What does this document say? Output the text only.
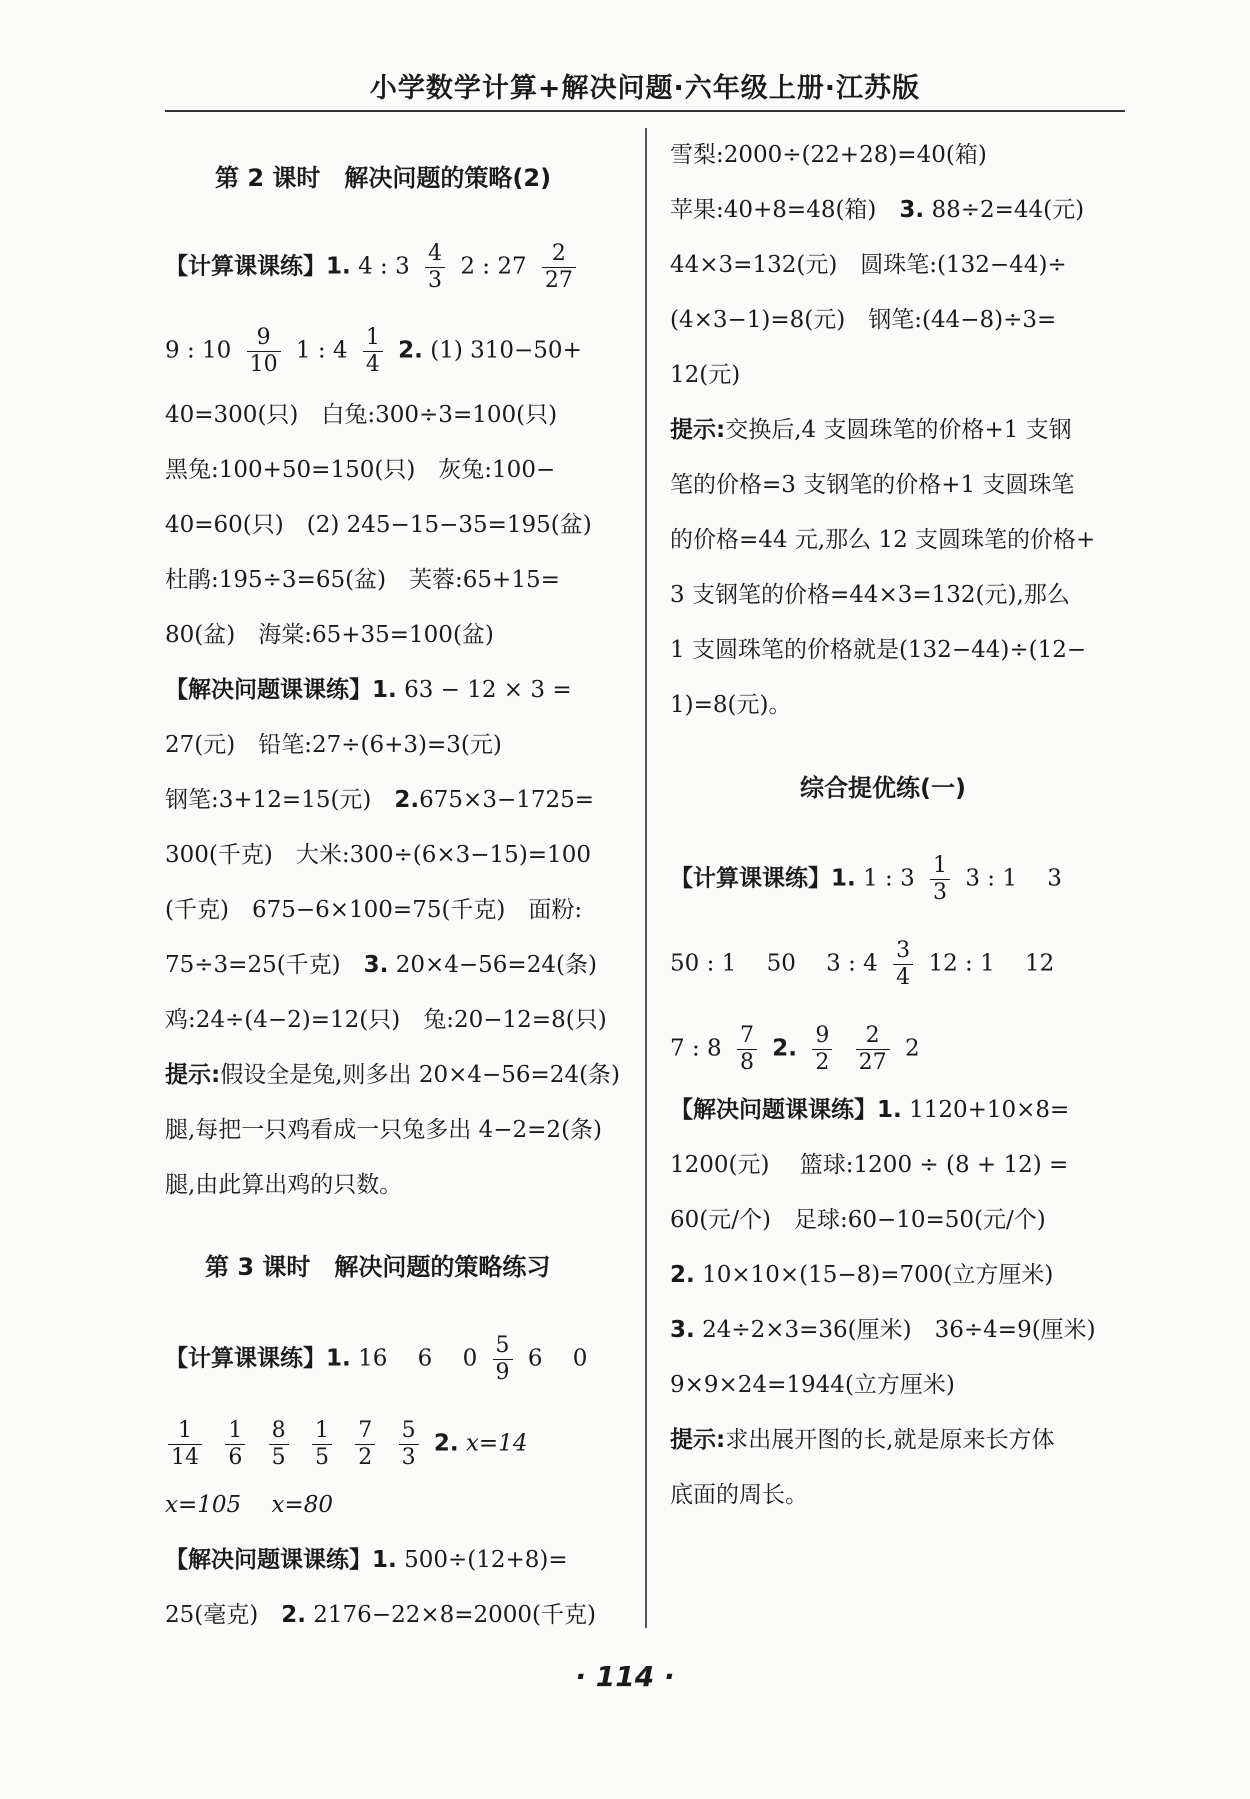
小学数学计算+解决问题·六年级上册·江苏版
第 2 课时　解决问题的策略(2)
【计算课课练】1. 4 : $3 \frac{4}{3} 2$ : $27 \frac{2}{27}$
9 : $10 \frac{9}{10} 1$ : $4 \frac{1}{4} 2$. (1) 310−50+
40=300(只)　白兔:300÷3=100(只)
黑兔:100+50=150(只)　灰兔:100−
40=60(只)　(2) 245−15−35=195(盆)
杜鹃:195÷3=65(盆)　芙蓉:65+15=
80(盆)　海棠:65+35=100(盆)
【解决问题课课练】1. 63 − 12 × 3 =
27(元)　铅笔:27÷(6+3)=3(元)
钢笔:3+12=15(元)　2.675×3−1725=
300(千克)　大米:300÷(6×3−15)=100
(千克)　675−6×100=75(千克)　面粉:
75÷3=25(千克)　3. 20×4−56=24(条)
鸡:24÷(4−2)=12(只)　兔:20−12=8(只)
提示:假设全是兔,则多出 20×4−56=24(条)
腿,每把一只鸡看成一只兔多出 4−2=2(条)
腿,由此算出鸡的只数。
第 3 课时　解决问题的策略练习
【计算课课练】1. 16　 6　 $0 \frac{5}{9} 6$　 0
$\frac{1}{14}$
$\frac{1}{6}$
$\frac{8}{5}$
$\frac{1}{5}$
$\frac{7}{2}$
$\frac{5}{3} 2$. x=14
x=105　 x=80
【解决问题课课练】1. 500÷(12+8)=
25(毫克)　2. 2176−22×8=2000(千克)
雪梨:2000÷(22+28)=40(箱)
苹果:40+8=48(箱)　3. 88÷2=44(元)
44×3=132(元)　圆珠笔:(132−44)÷
(4×3−1)=8(元)　钢笔:(44−8)÷3=
12(元)
提示:交换后,4 支圆珠笔的价格+1 支钢
笔的价格=3 支钢笔的价格+1 支圆珠笔
的价格=44 元,那么 12 支圆珠笔的价格+
3 支钢笔的价格=44×3=132(元),那么
1 支圆珠笔的价格就是(132−44)÷(12−
1)=8(元)。
综合提优练(一)
【计算课课练】1. 1 : $3 \frac{1}{3} 3$ : 1　 3
50 : 1　 50　 3 : $4 \frac{3}{4} 12$ : 1　 12
7 : $8 \frac{7}{8} 2$. $\frac{9}{2}$
$\frac{2}{27} 2$
【解决问题课课练】1. 1120+10×8=
1200(元)　 篮球:1200 ÷ (8 + 12) =
60(元/个)　足球:60−10=50(元/个)
2. 10×10×(15−8)=700(立方厘米)
3. 24÷2×3=36(厘米)　36÷4=9(厘米)
9×9×24=1944(立方厘米)
提示:求出展开图的长,就是原来长方体
底面的周长。
· 114 ·
